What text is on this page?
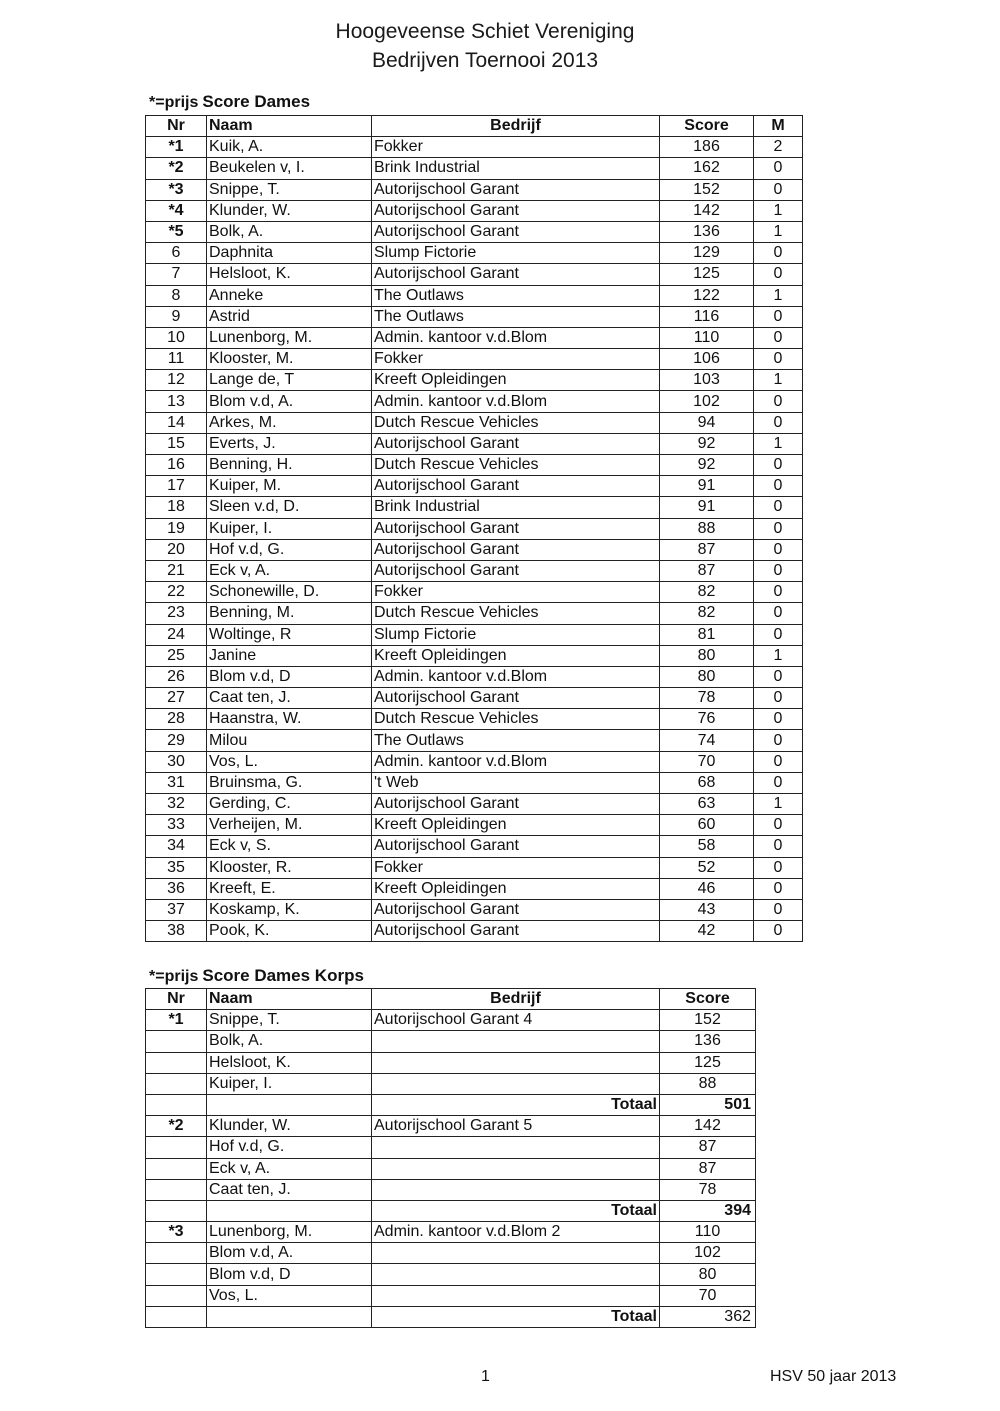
Hoogeveense Schiet Vereniging
Bedrijven Toernooi 2013
*=prijs Score Dames
Nr	Naam	Bedrijf	Score	M
*1	Kuik, A.	Fokker	186	2
*2	Beukelen v, I.	Brink Industrial	162	0
*3	Snippe, T.	Autorijschool Garant	152	0
*4	Klunder, W.	Autorijschool Garant	142	1
*5	Bolk, A.	Autorijschool Garant	136	1
6	Daphnita	Slump Fictorie	129	0
7	Helsloot, K.	Autorijschool Garant	125	0
8	Anneke	The Outlaws	122	1
9	Astrid	The Outlaws	116	0
10	Lunenborg, M.	Admin. kantoor v.d.Blom	110	0
11	Klooster, M.	Fokker	106	0
12	Lange de, T	Kreeft Opleidingen	103	1
13	Blom v.d, A.	Admin. kantoor v.d.Blom	102	0
14	Arkes, M.	Dutch Rescue Vehicles	94	0
15	Everts, J.	Autorijschool Garant	92	1
16	Benning, H.	Dutch Rescue Vehicles	92	0
17	Kuiper, M.	Autorijschool Garant	91	0
18	Sleen v.d, D.	Brink Industrial	91	0
19	Kuiper, I.	Autorijschool Garant	88	0
20	Hof v.d, G.	Autorijschool Garant	87	0
21	Eck v, A.	Autorijschool Garant	87	0
22	Schonewille, D.	Fokker	82	0
23	Benning, M.	Dutch Rescue Vehicles	82	0
24	Woltinge, R	Slump Fictorie	81	0
25	Janine	Kreeft Opleidingen	80	1
26	Blom v.d, D	Admin. kantoor v.d.Blom	80	0
27	Caat ten, J.	Autorijschool Garant	78	0
28	Haanstra, W.	Dutch Rescue Vehicles	76	0
29	Milou	The Outlaws	74	0
30	Vos, L.	Admin. kantoor v.d.Blom	70	0
31	Bruinsma, G.	't Web	68	0
32	Gerding, C.	Autorijschool Garant	63	1
33	Verheijen, M.	Kreeft Opleidingen	60	0
34	Eck v, S.	Autorijschool Garant	58	0
35	Klooster, R.	Fokker	52	0
36	Kreeft, E.	Kreeft Opleidingen	46	0
37	Koskamp, K.	Autorijschool Garant	43	0
38	Pook, K.	Autorijschool Garant	42	0
*=prijs Score Dames Korps
Nr	Naam	Bedrijf	Score
*1	Snippe, T.	Autorijschool Garant 4	152
	Bolk, A.		136
	Helsloot, K.		125
	Kuiper, I.		88
		Totaal	501
*2	Klunder, W.	Autorijschool Garant 5	142
	Hof v.d, G.		87
	Eck v, A.		87
	Caat ten, J.		78
		Totaal	394
*3	Lunenborg, M.	Admin. kantoor v.d.Blom 2	110
	Blom v.d, A.		102
	Blom v.d, D		80
	Vos, L.		70
		Totaal	362
1	HSV 50 jaar 2013
